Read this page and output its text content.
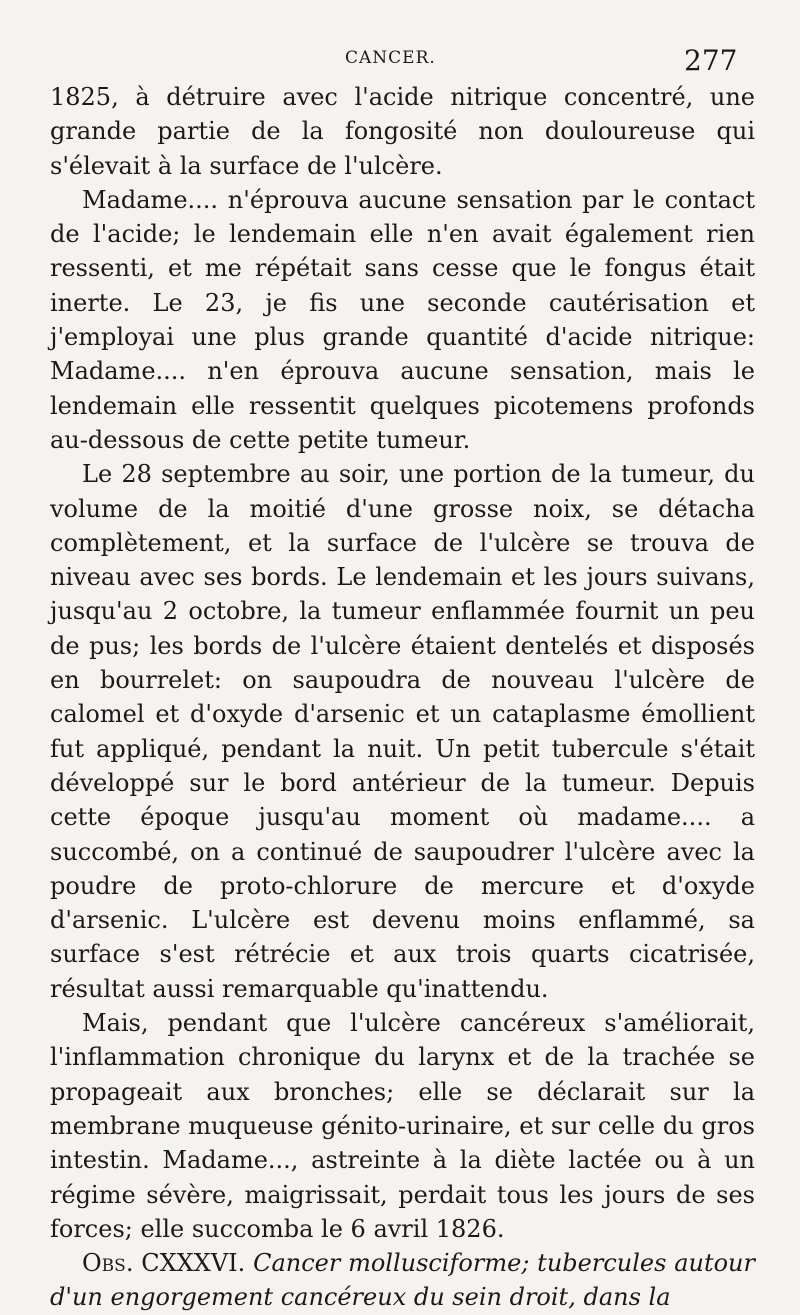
CANCER.	277

1825, à détruire avec l'acide nitrique concentré, une grande partie de la fongosité non douloureuse qui s'élevait à la surface de l'ulcère.

Madame.... n'éprouva aucune sensation par le contact de l'acide; le lendemain elle n'en avait également rien ressenti, et me répétait sans cesse que le fongus était inerte. Le 23, je fis une seconde cautérisation et j'employai une plus grande quantité d'acide nitrique: Madame.... n'en éprouva aucune sensation, mais le lendemain elle ressentit quelques picotemens profonds au-dessous de cette petite tumeur.

Le 28 septembre au soir, une portion de la tumeur, du volume de la moitié d'une grosse noix, se détacha complètement, et la surface de l'ulcère se trouva de niveau avec ses bords. Le lendemain et les jours suivans, jusqu'au 2 octobre, la tumeur enflammée fournit un peu de pus; les bords de l'ulcère étaient dentelés et disposés en bourrelet: on saupoudra de nouveau l'ulcère de calomel et d'oxyde d'arsenic et un cataplasme émollient fut appliqué, pendant la nuit. Un petit tubercule s'était développé sur le bord antérieur de la tumeur. Depuis cette époque jusqu'au moment où madame.... a succombé, on a continué de saupoudrer l'ulcère avec la poudre de proto-chlorure de mercure et d'oxyde d'arsenic. L'ulcère est devenu moins enflammé, sa surface s'est rétrécie et aux trois quarts cicatrisée, résultat aussi remarquable qu'inattendu.

Mais, pendant que l'ulcère cancéreux s'améliorait, l'inflammation chronique du larynx et de la trachée se propageait aux bronches; elle se déclarait sur la membrane muqueuse génito-urinaire, et sur celle du gros intestin. Madame..., astreinte à la diète lactée ou à un régime sévère, maigrissait, perdait tous les jours de ses forces; elle succomba le 6 avril 1826.

Obs. CXXXVI. Cancer mollusciforme; tubercules autour d'un engorgement cancéreux du sein droit, dans la
